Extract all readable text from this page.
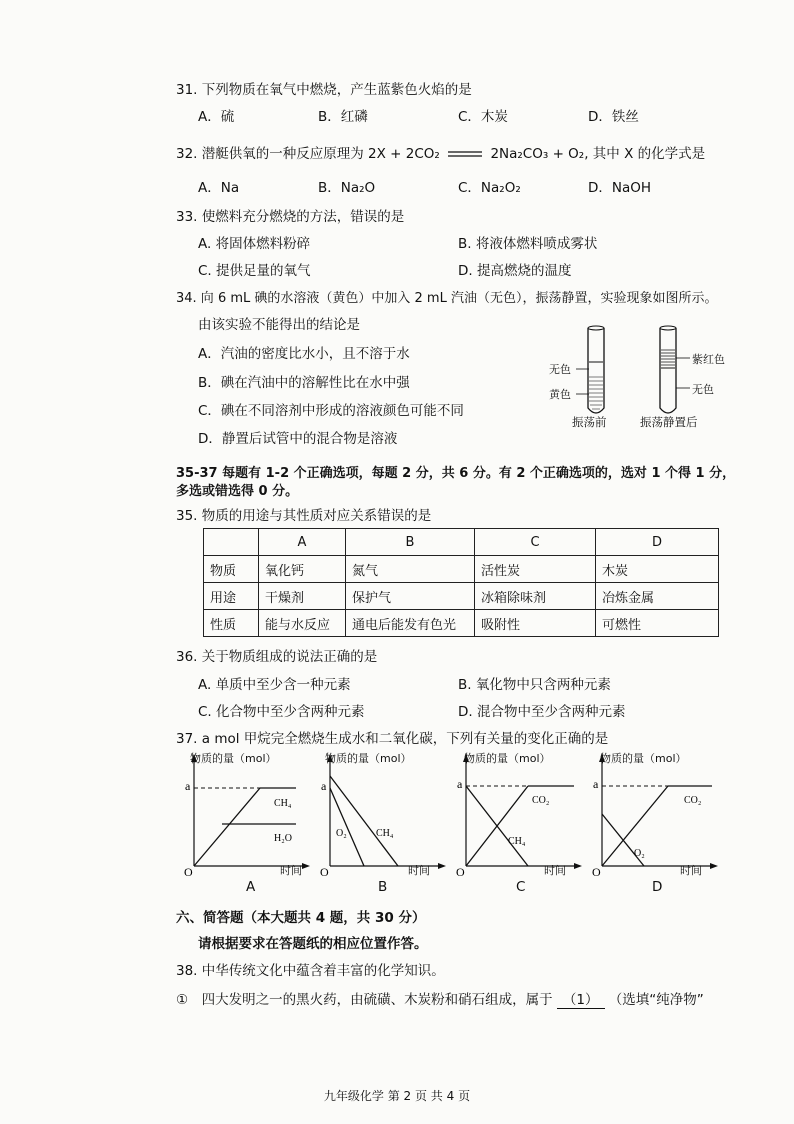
31. 下列物质在氧气中燃烧，产生蓝紫色火焰的是
A．硫	B．红磷	C．木炭	D．铁丝
32. 潜艇供氧的一种反应原理为 2X + 2CO₂	2Na₂CO₃ + O₂, 其中 X 的化学式是
A．Na	B．Na₂O	C．Na₂O₂	D．NaOH
33. 使燃料充分燃烧的方法，错误的是
A. 将固体燃料粉碎	B. 将液体燃料喷成雾状
C. 提供足量的氧气	D. 提高燃烧的温度
34. 向 6 mL 碘的水溶液（黄色）中加入 2 mL 汽油（无色），振荡静置，实验现象如图所示。
由该实验不能得出的结论是
A．汽油的密度比水小，且不溶于水
B．碘在汽油中的溶解性比在水中强
C．碘在不同溶剂中形成的溶液颜色可能不同
D．静置后试管中的混合物是溶液
无色
黄色
振荡前
紫红色
无色
振荡静置后
35-37 每题有 1-2 个正确选项，每题 2 分，共 6 分。有 2 个正确选项的，选对 1 个得 1 分，
多选或错选得 0 分。
35. 物质的用途与其性质对应关系错误的是
	A	B	C	D
物质	氧化钙	氮气	活性炭	木炭
用途	干燥剂	保护气	冰箱除味剂	冶炼金属
性质	能与水反应	通电后能发有色光	吸附性	可燃性
36. 关于物质组成的说法正确的是
A. 单质中至少含一种元素	B. 氧化物中只含两种元素
C. 化合物中至少含两种元素	D. 混合物中至少含两种元素
37. a mol 甲烷完全燃烧生成水和二氧化碳，下列有关量的变化正确的是
a
O
CH₄
H₂O
物质的量（mol）
时间
A
a
O
O₂	CH₄
物质的量（mol）
时间
B
a
O
CO₂
CH₄
物质的量（mol）
时间
C
a
O
CO₂
O₂
物质的量（mol）
时间
D
六、简答题（本大题共 4 题，共 30 分）
请根据要求在答题纸的相应位置作答。
38. 中华传统文化中蕴含着丰富的化学知识。
①　四大发明之一的黑火药，由硫磺、木炭粉和硝石组成，属于 （1） （选填“纯净物”
九年级化学 第 2 页 共 4 页
